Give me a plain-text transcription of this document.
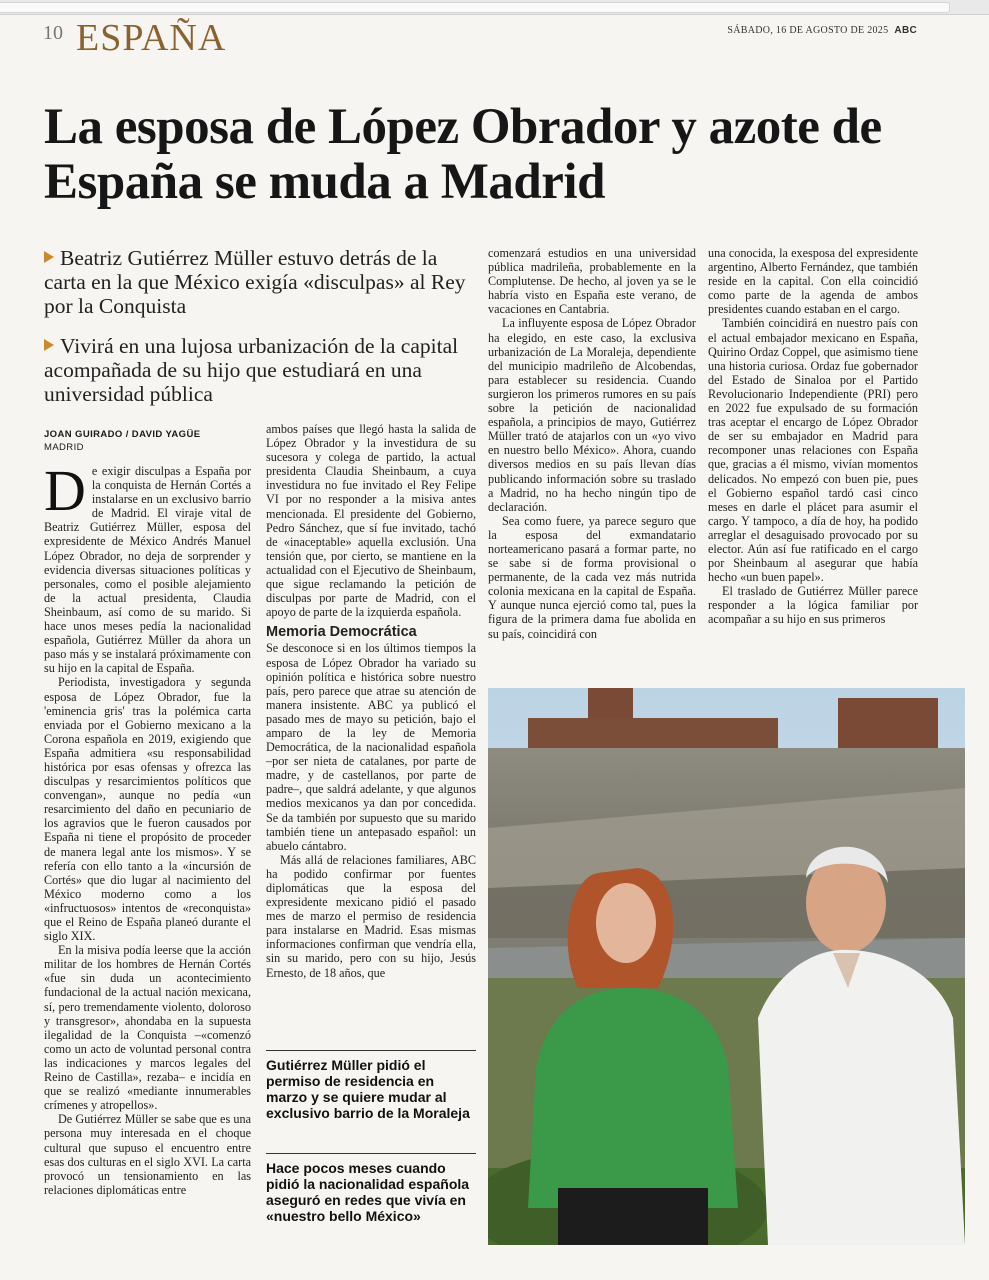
10 ESPAÑA	SÁBADO, 16 DE AGOSTO DE 2025 ABC
La esposa de López Obrador y azote de España se muda a Madrid
Beatriz Gutiérrez Müller estuvo detrás de la carta en la que México exigía «disculpas» al Rey por la Conquista
Vivirá en una lujosa urbanización de la capital acompañada de su hijo que estudiará en una universidad pública
JOAN GUIRADO / DAVID YAGÜE
MADRID

De exigir disculpas a España por la conquista de Hernán Cortés a instalarse en un exclusivo barrio de Madrid. El viraje vital de Beatriz Gutiérrez Müller, esposa del expresidente de México Andrés Manuel López Obrador, no deja de sorprender y evidencia diversas situaciones políticas y personales, como el posible alejamiento de la actual presidenta, Claudia Sheinbaum, así como de su marido. Si hace unos meses pedía la nacionalidad española, Gutiérrez Müller da ahora un paso más y se instalará próximamente con su hijo en la capital de España.

Periodista, investigadora y segunda esposa de López Obrador, fue la 'eminencia gris' tras la polémica carta enviada por el Gobierno mexicano a la Corona española en 2019, exigiendo que España admitiera «su responsabilidad histórica por esas ofensas y ofrezca las disculpas y resarcimientos políticos que convengan», aunque no pedía «un resarcimiento del daño en pecuniario de los agravios que le fueron causados por España ni tiene el propósito de proceder de manera legal ante los mismos». Y se refería con ello tanto a la «incursión de Cortés» que dio lugar al nacimiento del México moderno como a los «infructuosos» intentos de «reconquista» que el Reino de España planeó durante el siglo XIX.

En la misiva podía leerse que la acción militar de los hombres de Hernán Cortés «fue sin duda un acontecimiento fundacional de la actual nación mexicana, sí, pero tremendamente violento, doloroso y transgresor», ahondaba en la supuesta ilegalidad de la Conquista –«comenzó como un acto de voluntad personal contra las indicaciones y marcos legales del Reino de Castilla», rezaba– e incidía en que se realizó «mediante innumerables crímenes y atropellos».

De Gutiérrez Müller se sabe que es una persona muy interesada en el choque cultural que supuso el encuentro entre esas dos culturas en el siglo XVI. La carta provocó un tensionamiento en las relaciones diplomáticas entre

ambos países que llegó hasta la salida de López Obrador y la investidura de su sucesora y colega de partido, la actual presidenta Claudia Sheinbaum, a cuya investidura no fue invitado el Rey Felipe VI por no responder a la misiva antes mencionada. El presidente del Gobierno, Pedro Sánchez, que sí fue invitado, tachó de «inaceptable» aquella exclusión. Una tensión que, por cierto, se mantiene en la actualidad con el Ejecutivo de Sheinbaum, que sigue reclamando la petición de disculpas por parte de Madrid, con el apoyo de parte de la izquierda española.

Memoria Democrática

Se desconoce si en los últimos tiempos la esposa de López Obrador ha variado su opinión política e histórica sobre nuestro país, pero parece que atrae su atención de manera insistente. ABC ya publicó el pasado mes de mayo su petición, bajo el amparo de la ley de Memoria Democrática, de la nacionalidad española –por ser nieta de catalanes, por parte de madre, y de castellanos, por parte de padre–, que saldrá adelante, y que algunos medios mexicanos ya dan por concedida. Se da también por supuesto que su marido también tiene un antepasado español: un abuelo cántabro.

Más allá de relaciones familiares, ABC ha podido confirmar por fuentes diplomáticas que la esposa del expresidente mexicano pidió el pasado mes de marzo el permiso de residencia para instalarse en Madrid. Esas mismas informaciones confirman que vendría ella, sin su marido, pero con su hijo, Jesús Ernesto, de 18 años, que

Gutiérrez Müller pidió el permiso de residencia en marzo y se quiere mudar al exclusivo barrio de la Moraleja
Hace pocos meses cuando pidió la nacionalidad española aseguró en redes que vivía en «nuestro bello México»

comenzará estudios en una universidad pública madrileña, probablemente en la Complutense. De hecho, al joven ya se le habría visto en España este verano, de vacaciones en Cantabria.

La influyente esposa de López Obrador ha elegido, en este caso, la exclusiva urbanización de La Moraleja, dependiente del municipio madrileño de Alcobendas, para establecer su residencia. Cuando surgieron los primeros rumores en su país sobre la petición de nacionalidad española, a principios de mayo, Gutiérrez Müller trató de atajarlos con un «yo vivo en nuestro bello México». Ahora, cuando diversos medios en su país llevan días publicando información sobre su traslado a Madrid, no ha hecho ningún tipo de declaración.

Sea como fuere, ya parece seguro que la esposa del exmandatario norteamericano pasará a formar parte, no se sabe si de forma provisional o permanente, de la cada vez más nutrida colonia mexicana en la capital de España. Y aunque nunca ejerció como tal, pues la figura de la primera dama fue abolida en su país, coincidirá con

una conocida, la exesposa del expresidente argentino, Alberto Fernández, que también reside en la capital. Con ella coincidió como parte de la agenda de ambos presidentes cuando estaban en el cargo.

También coincidirá en nuestro país con el actual embajador mexicano en España, Quirino Ordaz Coppel, que asimismo tiene una historia curiosa. Ordaz fue gobernador del Estado de Sinaloa por el Partido Revolucionario Independiente (PRI) pero en 2022 fue expulsado de su formación tras aceptar el encargo de López Obrador de ser su embajador en Madrid para recomponer unas relaciones con España que, gracias a él mismo, vivían momentos delicados. No empezó con buen pie, pues el Gobierno español tardó casi cinco meses en darle el plácet para asumir el cargo. Y tampoco, a día de hoy, ha podido arreglar el desaguisado provocado por su elector. Aún así fue ratificado en el cargo por Sheinbaum al asegurar que había hecho «un buen papel».

El traslado de Gutiérrez Müller parece responder a la lógica familiar por acompañar a su hijo en sus primeros
